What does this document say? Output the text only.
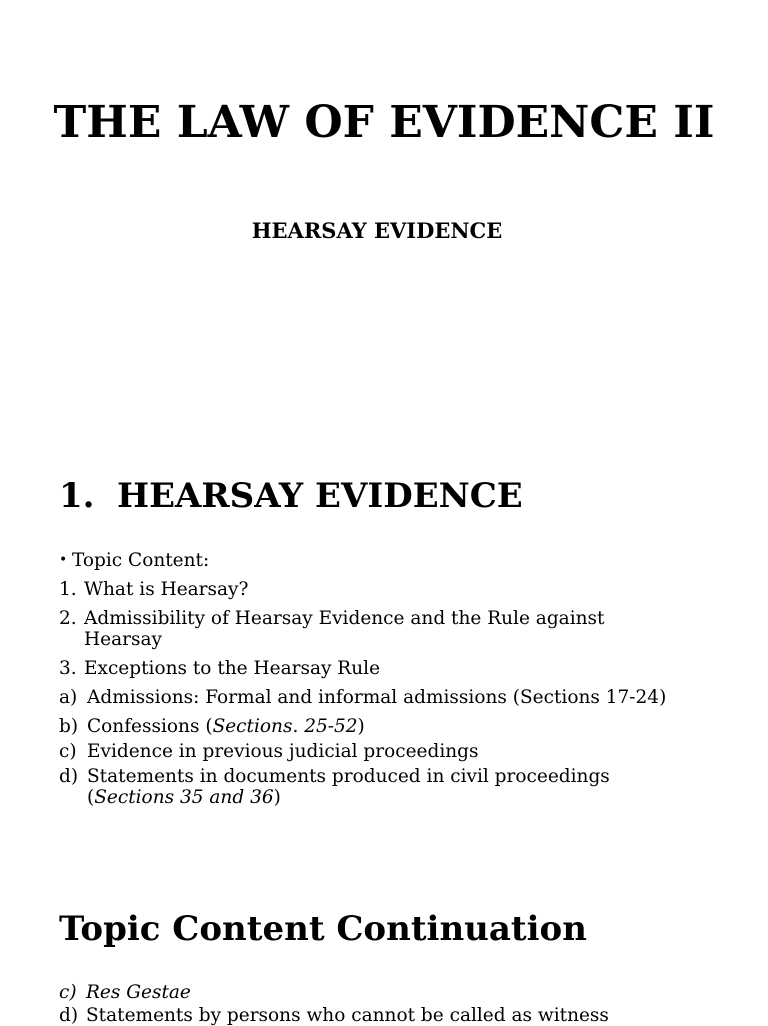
THE LAW OF EVIDENCE II
HEARSAY EVIDENCE
1. HEARSAY EVIDENCE
• Topic Content:
1. What is Hearsay?
2. Admissibility of Hearsay Evidence and the Rule against Hearsay
3. Exceptions to the Hearsay Rule
a) Admissions: Formal and informal admissions (Sections 17-24)
b) Confessions (Sections. 25-52)
c) Evidence in previous judicial proceedings
d) Statements in documents produced in civil proceedings (Sections 35 and 36)
Topic Content Continuation
c) Res Gestae
d) Statements by persons who cannot be called as witness
